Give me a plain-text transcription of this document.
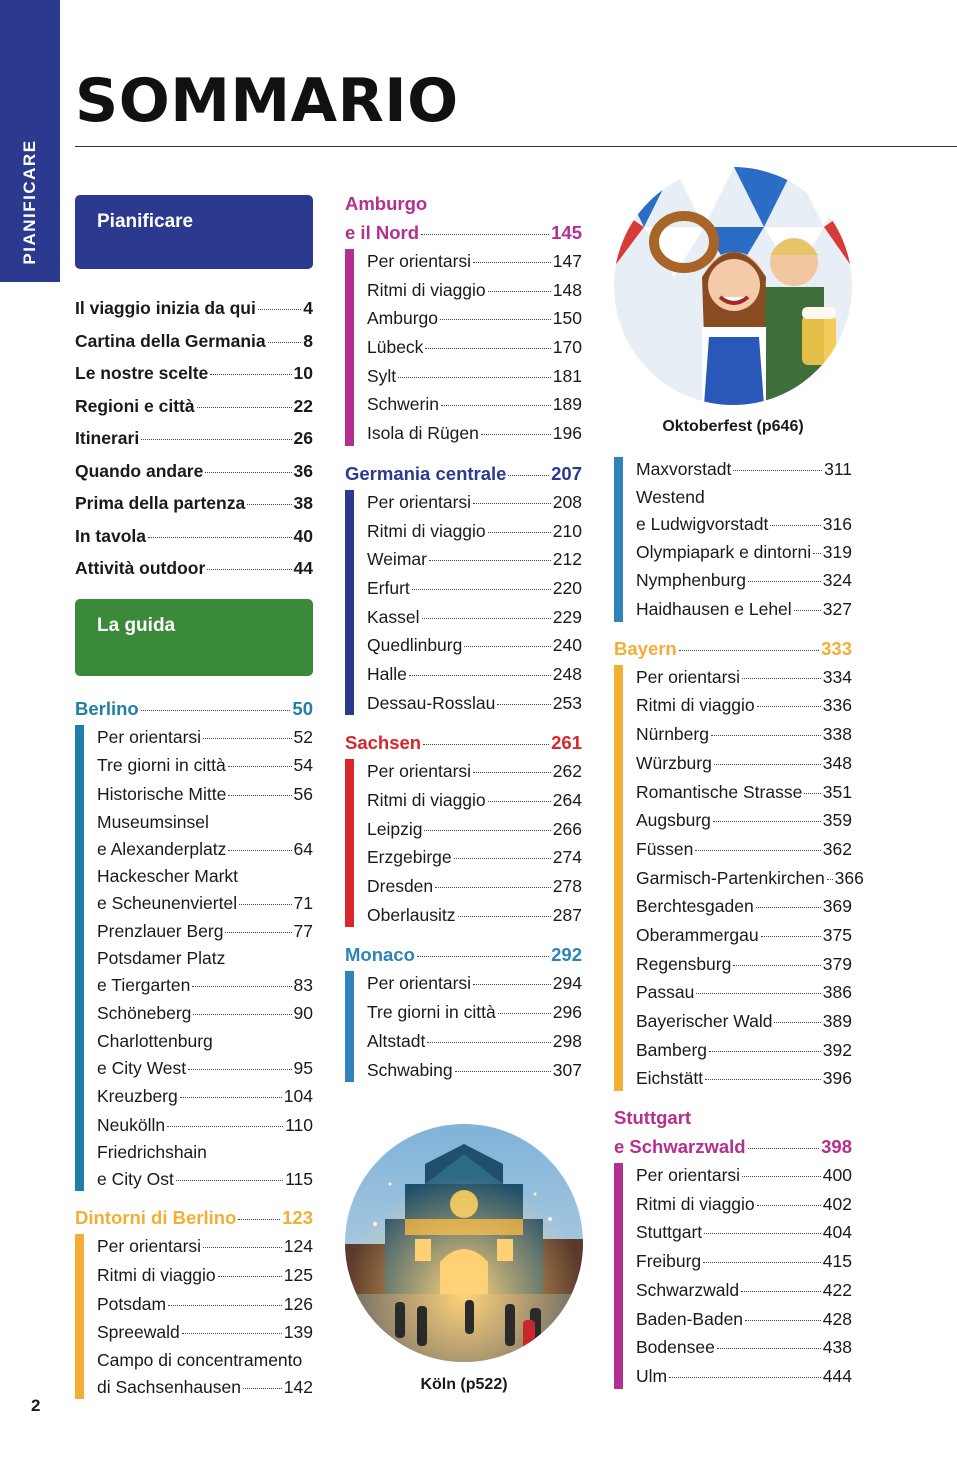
PIANIFICARE
SOMMARIO
Pianificare
Il viaggio inizia da qui	4
Cartina della Germania 8
Le nostre scelte	10
Regioni e città	22
Itinerari	26
Quando andare	36
Prima della partenza	38
In tavola	40
Attività outdoor	44
La guida
Berlino	50
Per orientarsi	52
Tre giorni in città	54
Historische Mitte	56
Museumsinsel
e Alexanderplatz	64
Hackescher Markt
e Scheunenviertel	71
Prenzlauer Berg	77
Potsdamer Platz
e Tiergarten	83
Schöneberg	90
Charlottenburg
e City West	95
Kreuzberg	104
Neukölln	110
Friedrichshain
e City Ost	115
Dintorni di Berlino 123
Per orientarsi	124
Ritmi di viaggio	125
Potsdam	126
Spreewald	139
Campo di concentramento
di Sachsenhausen 142
Amburgo
e il Nord	145
Per orientarsi	147
Ritmi di viaggio	148
Amburgo	150
Lübeck	170
Sylt	181
Schwerin	189
Isola di Rügen	196
Germania centrale 207
Per orientarsi	208
Ritmi di viaggio	210
Weimar	212
Erfurt	220
Kassel	229
Quedlinburg	240
Halle	248
Dessau-Rosslau	253
Sachsen	261
Per orientarsi	262
Ritmi di viaggio	264
Leipzig	266
Erzgebirge	274
Dresden	278
Oberlausitz	287
Monaco	292
Per orientarsi	294
Tre giorni in città	296
Altstadt	298
Schwabing	307
Köln (p522)
Oktoberfest (p646)
Maxvorstadt	311
Westend
e Ludwigvorstadt	316
Olympiapark e dintorni 319
Nymphenburg	324
Haidhausen e Lehel 327
Bayern	333
Per orientarsi	334
Ritmi di viaggio	336
Nürnberg	338
Würzburg	348
Romantische Strasse 351
Augsburg	359
Füssen	362
Garmisch-Partenkirchen 366
Berchtesgaden	369
Oberammergau	375
Regensburg	379
Passau	386
Bayerischer Wald	389
Bamberg	392
Eichstätt	396
Stuttgart
e Schwarzwald	398
Per orientarsi	400
Ritmi di viaggio	402
Stuttgart	404
Freiburg	415
Schwarzwald	422
Baden-Baden	428
Bodensee	438
Ulm	444
2
